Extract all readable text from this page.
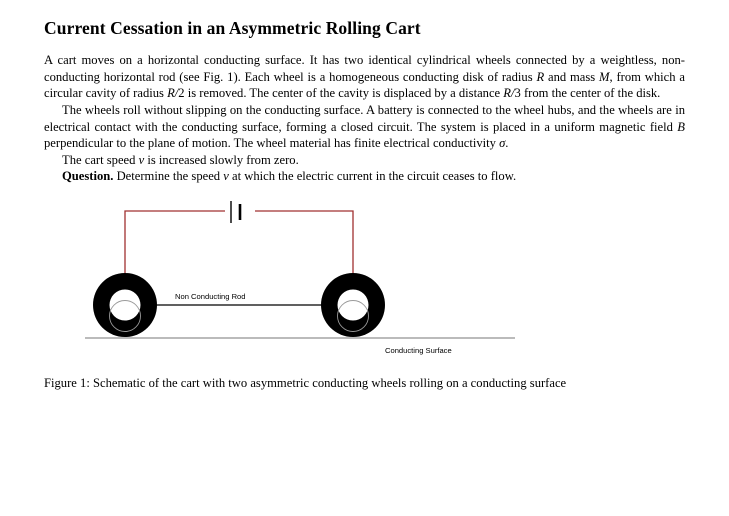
Current Cessation in an Asymmetric Rolling Cart

A cart moves on a horizontal conducting surface. It has two identical cylindrical wheels connected by a weightless, non-conducting horizontal rod (see Fig. 1). Each wheel is a homogeneous conducting disk of radius R and mass M, from which a circular cavity of radius R/2 is removed. The center of the cavity is displaced by a distance R/3 from the center of the disk.

The wheels roll without slipping on the conducting surface. A battery is connected to the wheel hubs, and the wheels are in electrical contact with the conducting surface, forming a closed circuit. The system is placed in a uniform magnetic field B perpendicular to the plane of motion. The wheel material has finite electrical conductivity σ.

The cart speed v is increased slowly from zero.

Question. Determine the speed v at which the electric current in the circuit ceases to flow.

Non Conducting Rod
Conducting Surface
Figure 1: Schematic of the cart with two asymmetric conducting wheels rolling on a conducting surface
